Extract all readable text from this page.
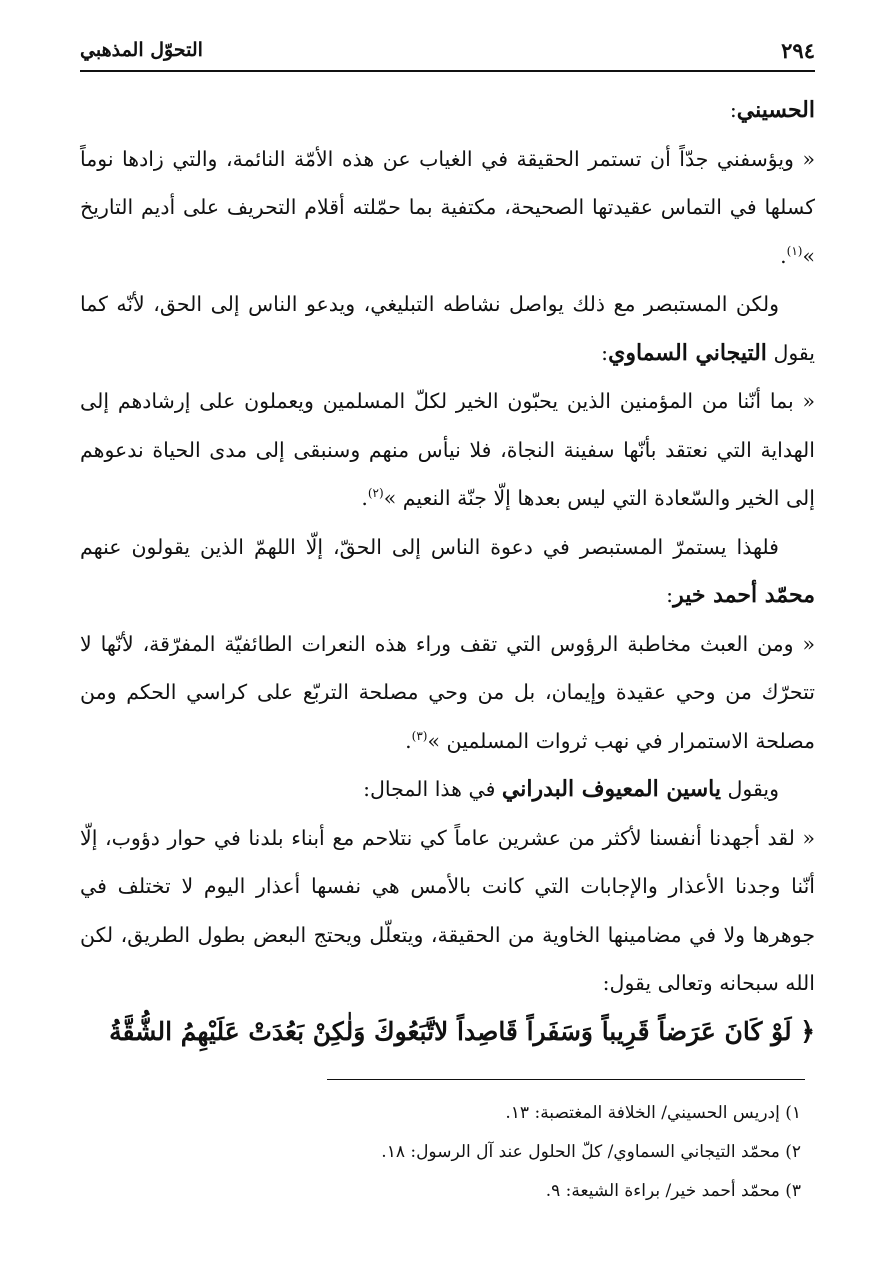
٢٩٤
التحوّل المذهبي

الحسيني:

« ويؤسفني جدّاً أن تستمر الحقيقة في الغياب عن هذه الأمّة النائمة، والتي زادها نوماً كسلها في التماس عقيدتها الصحيحة، مكتفية بما حمّلته أقلام التحريف على أديم التاريخ »$^{(١)}$.

ولكن المستبصر مع ذلك يواصل نشاطه التبليغي، ويدعو الناس إلى الحق، لأنّه كما يقول التيجاني السماوي:

« بما أنّنا من المؤمنين الذين يحبّون الخير لكلّ المسلمين ويعملون على إرشادهم إلى الهداية التي نعتقد بأنّها سفينة النجاة، فلا نيأس منهم وسنبقى إلى مدى الحياة ندعوهم إلى الخير والسّعادة التي ليس بعدها إلّا جنّة النعيم »$^{(٢)}$.

فلهذا يستمرّ المستبصر في دعوة الناس إلى الحقّ، إلّا اللهمّ الذين يقولون عنهم محمّد أحمد خير:

« ومن العبث مخاطبة الرؤوس التي تقف وراء هذه النعرات الطائفيّة المفرّقة، لأنّها لا تتحرّك من وحي عقيدة وإيمان، بل من وحي مصلحة التربّع على كراسي الحكم ومن مصلحة الاستمرار في نهب ثروات المسلمين »$^{(٣)}$.

ويقول ياسين المعيوف البدراني في هذا المجال:

« لقد أجهدنا أنفسنا لأكثر من عشرين عاماً كي نتلاحم مع أبناء بلدنا في حوار دؤوب، إلّا أنّنا وجدنا الأعذار والإجابات التي كانت بالأمس هي نفسها أعذار اليوم لا تختلف في جوهرها ولا في مضامينها الخاوية من الحقيقة، ويتعلّل ويحتج البعض بطول الطريق، لكن الله سبحانه وتعالى يقول:

﴿ لَوْ كَانَ عَرَضاً قَرِيباً وَسَفَراً قَاصِداً لاتَّبَعُوكَ وَلٰكِنْ بَعُدَتْ عَلَيْهِمُ الشُّقَّةُ

١) إدريس الحسيني/ الخلافة المغتصبة: ١٣.

٢) محمّد التيجاني السماوي/ كلّ الحلول عند آل الرسول: ١٨.

٣) محمّد أحمد خير/ براءة الشيعة: ٩.
